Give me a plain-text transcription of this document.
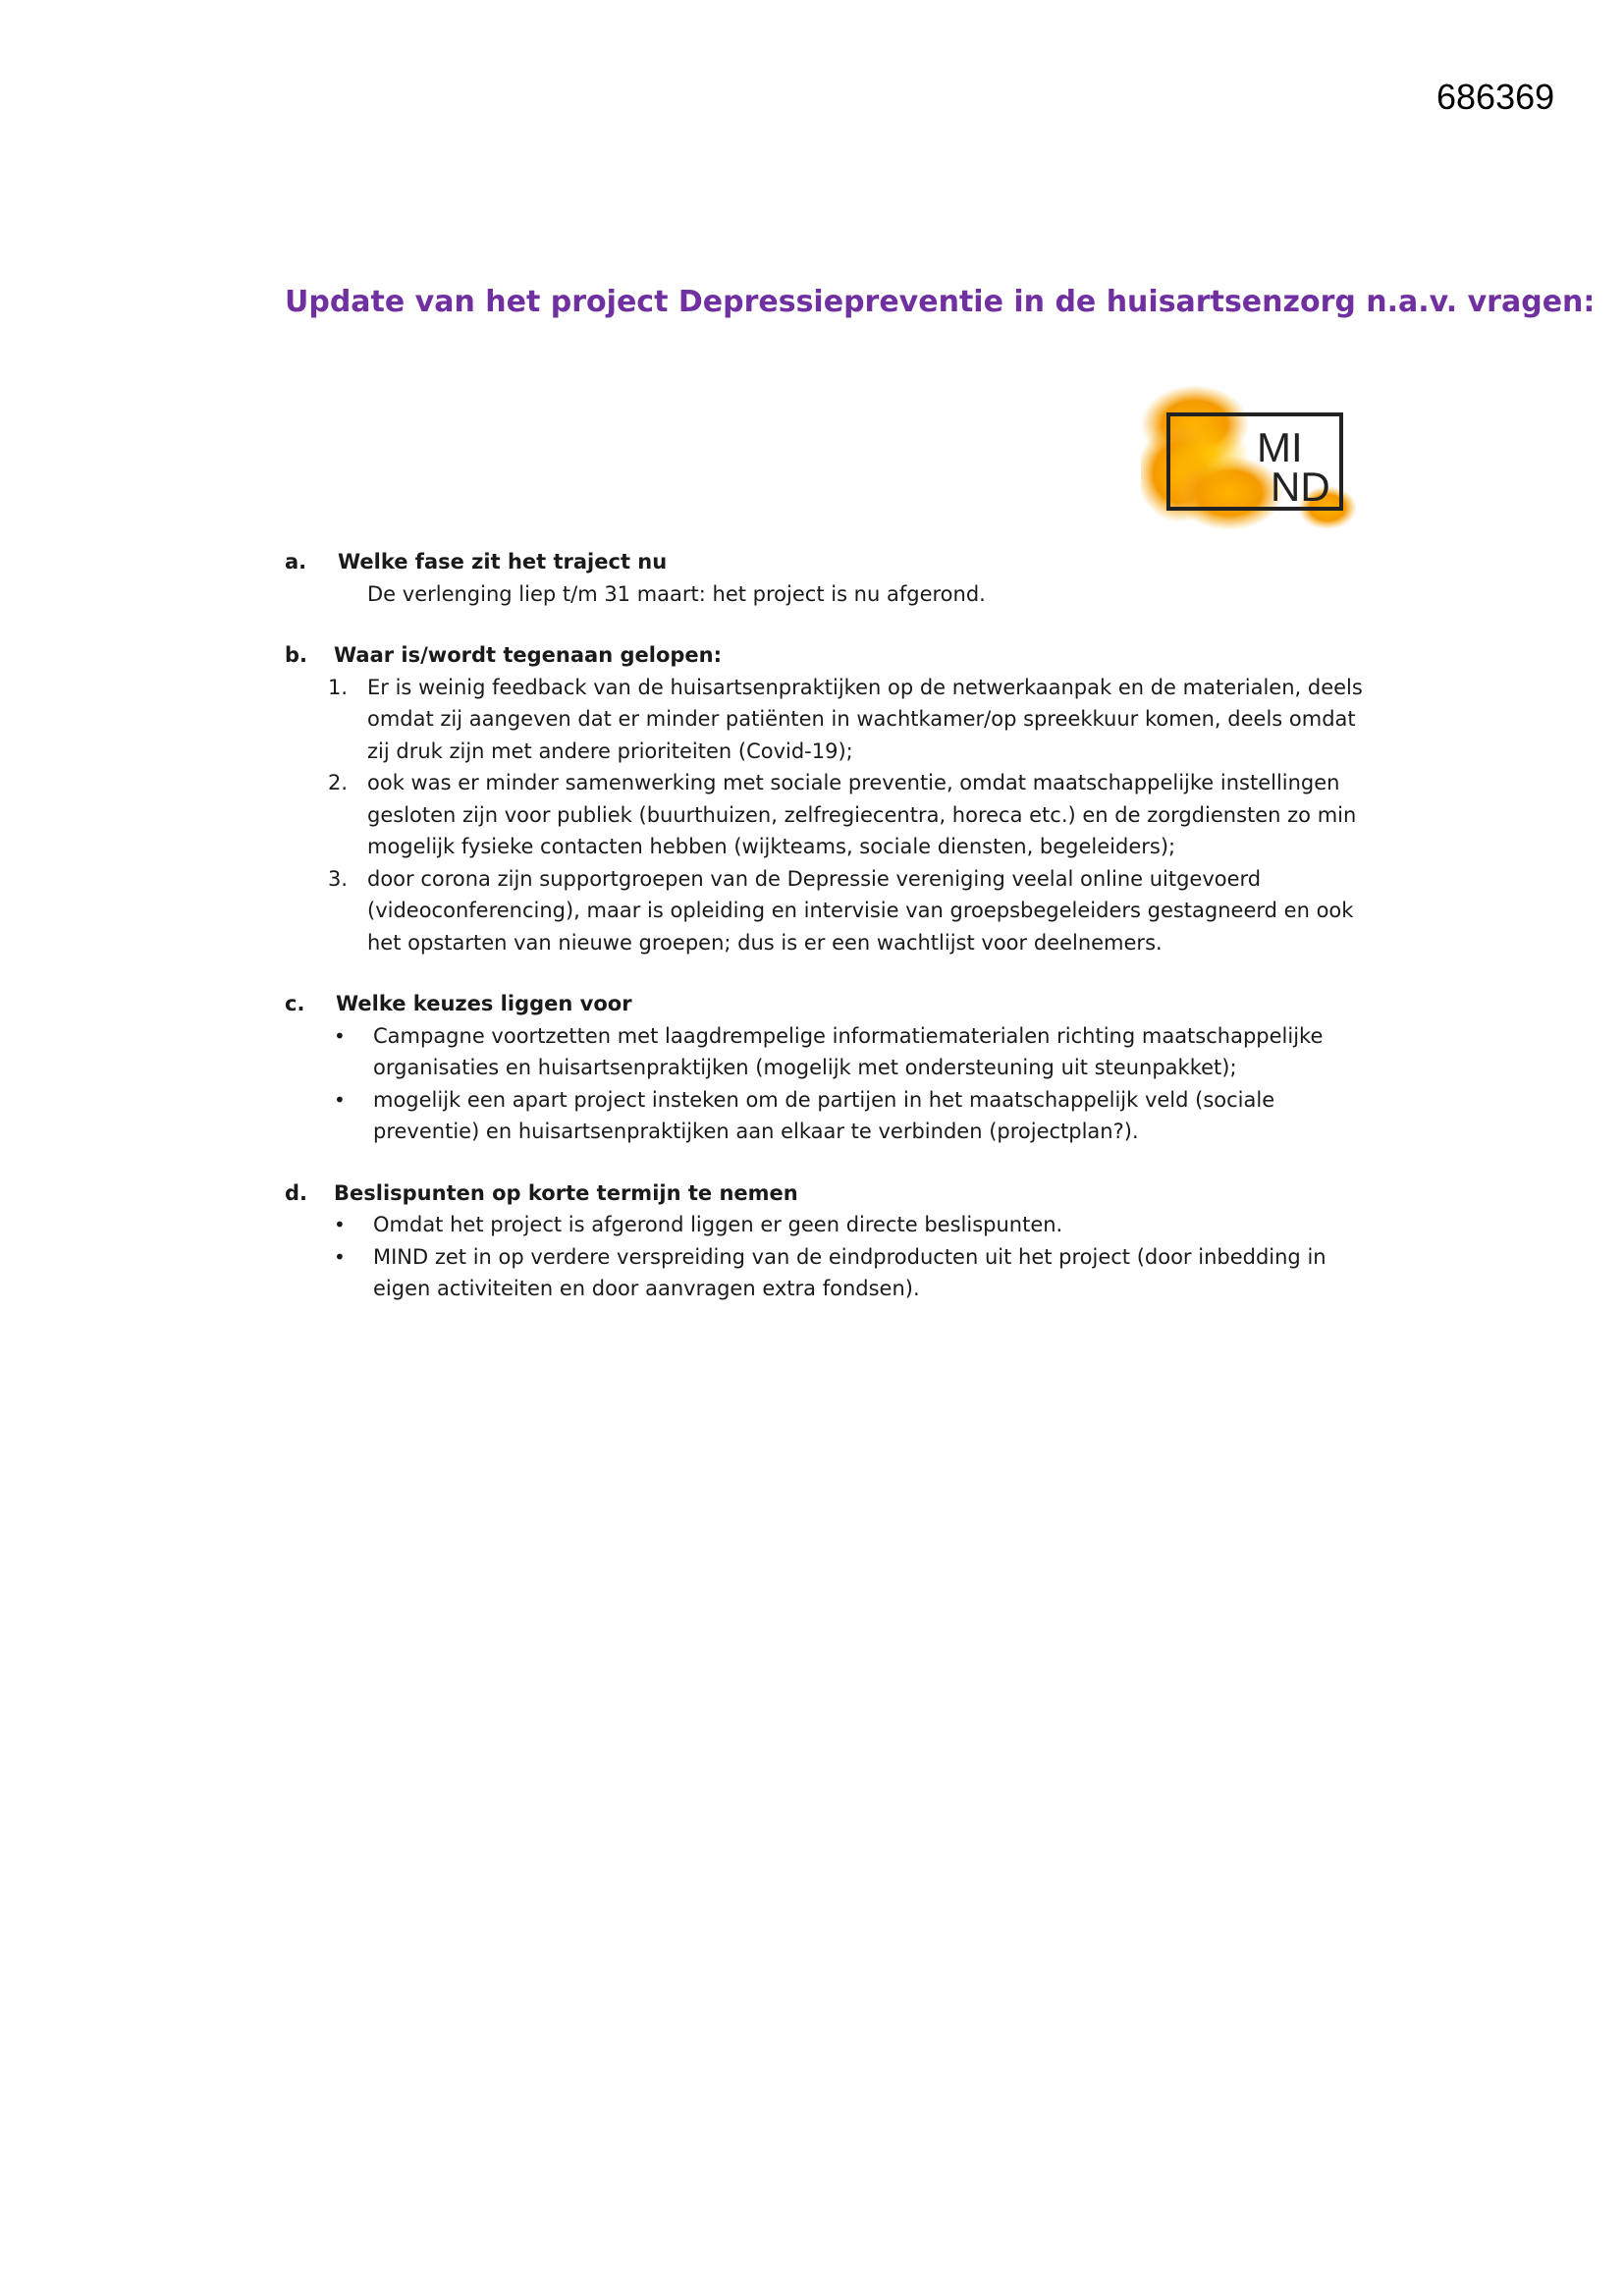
686369
Update van het project Depressiepreventie in de huisartsenzorg n.a.v. vragen:
MI
ND
a.	Welke fase zit het traject nu
De verlenging liep t/m 31 maart: het project is nu afgerond.
b.	Waar is/wordt tegenaan gelopen:
1. Er is weinig feedback van de huisartsenpraktijken op de netwerkaanpak en de materialen, deels omdat zij aangeven dat er minder patiënten in wachtkamer/op spreekkuur komen, deels omdat zij druk zijn met andere prioriteiten (Covid-19);
2. ook was er minder samenwerking met sociale preventie, omdat maatschappelijke instellingen gesloten zijn voor publiek (buurthuizen, zelfregiecentra, horeca etc.) en de zorgdiensten zo min mogelijk fysieke contacten hebben (wijkteams, sociale diensten, begeleiders);
3. door corona zijn supportgroepen van de Depressie vereniging veelal online uitgevoerd (videoconferencing), maar is opleiding en intervisie van groepsbegeleiders gestagneerd en ook het opstarten van nieuwe groepen; dus is er een wachtlijst voor deelnemers.
c.	Welke keuzes liggen voor
•	Campagne voortzetten met laagdrempelige informatiematerialen richting maatschappelijke organisaties en huisartsenpraktijken (mogelijk met ondersteuning uit steunpakket);
•	mogelijk een apart project insteken om de partijen in het maatschappelijk veld (sociale preventie) en huisartsenpraktijken aan elkaar te verbinden (projectplan?).
d.	Beslispunten op korte termijn te nemen
•	Omdat het project is afgerond liggen er geen directe beslispunten.
•	MIND zet in op verdere verspreiding van de eindproducten uit het project (door inbedding in eigen activiteiten en door aanvragen extra fondsen).
